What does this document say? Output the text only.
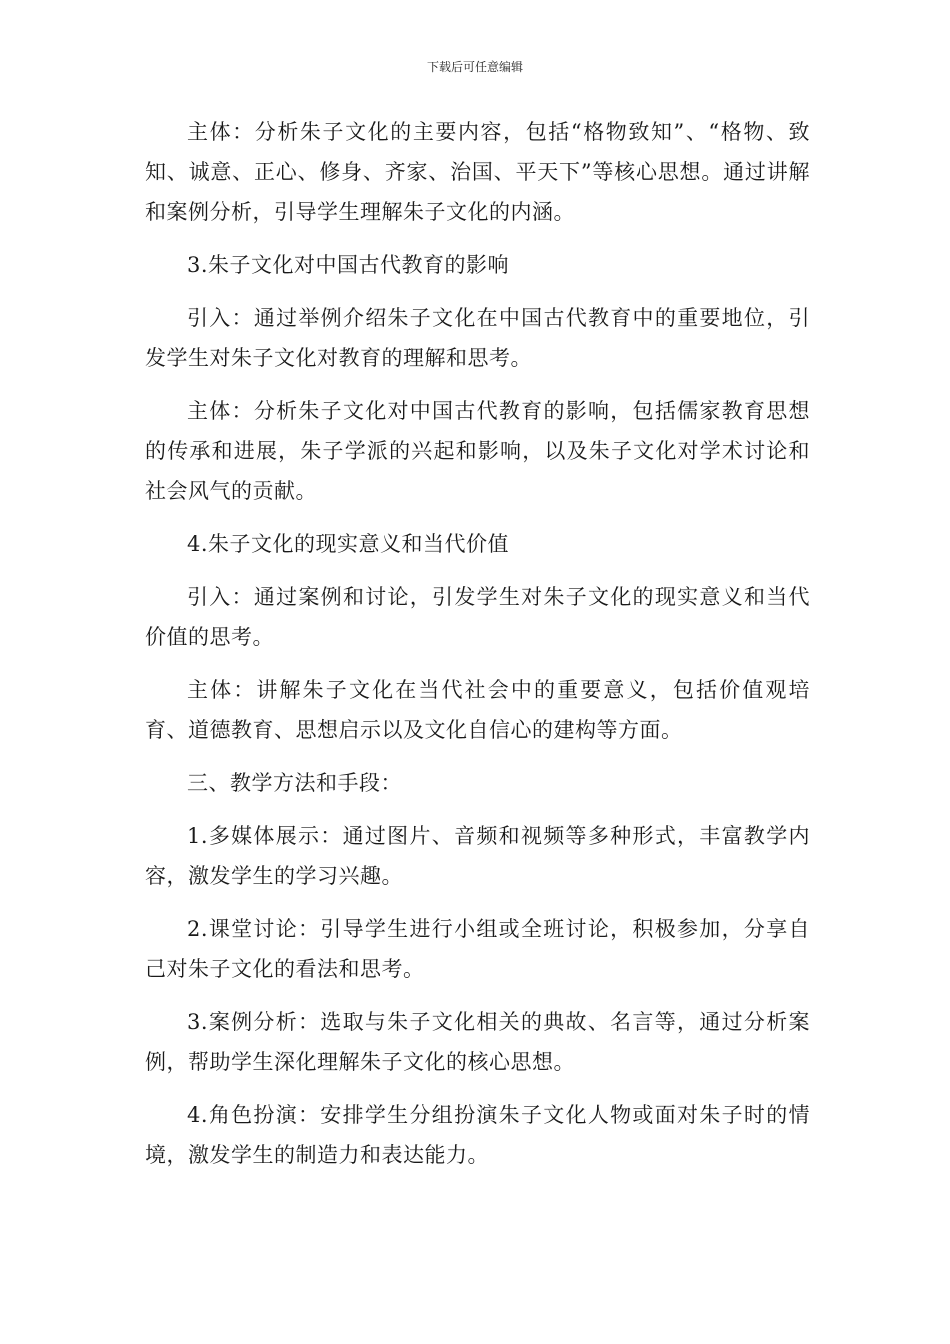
下载后可任意编辑

主体：分析朱子文化的主要内容，包括“格物致知”、“格物、致知、诚意、正心、修身、齐家、治国、平天下”等核心思想。通过讲解和案例分析，引导学生理解朱子文化的内涵。

3.朱子文化对中国古代教育的影响

引入：通过举例介绍朱子文化在中国古代教育中的重要地位，引发学生对朱子文化对教育的理解和思考。

主体：分析朱子文化对中国古代教育的影响，包括儒家教育思想的传承和进展，朱子学派的兴起和影响，以及朱子文化对学术讨论和社会风气的贡献。

4.朱子文化的现实意义和当代价值

引入：通过案例和讨论，引发学生对朱子文化的现实意义和当代价值的思考。

主体：讲解朱子文化在当代社会中的重要意义，包括价值观培育、道德教育、思想启示以及文化自信心的建构等方面。

三、教学方法和手段：

1.多媒体展示：通过图片、音频和视频等多种形式，丰富教学内容，激发学生的学习兴趣。

2.课堂讨论：引导学生进行小组或全班讨论，积极参加，分享自己对朱子文化的看法和思考。

3.案例分析：选取与朱子文化相关的典故、名言等，通过分析案例，帮助学生深化理解朱子文化的核心思想。

4.角色扮演：安排学生分组扮演朱子文化人物或面对朱子时的情境，激发学生的制造力和表达能力。
